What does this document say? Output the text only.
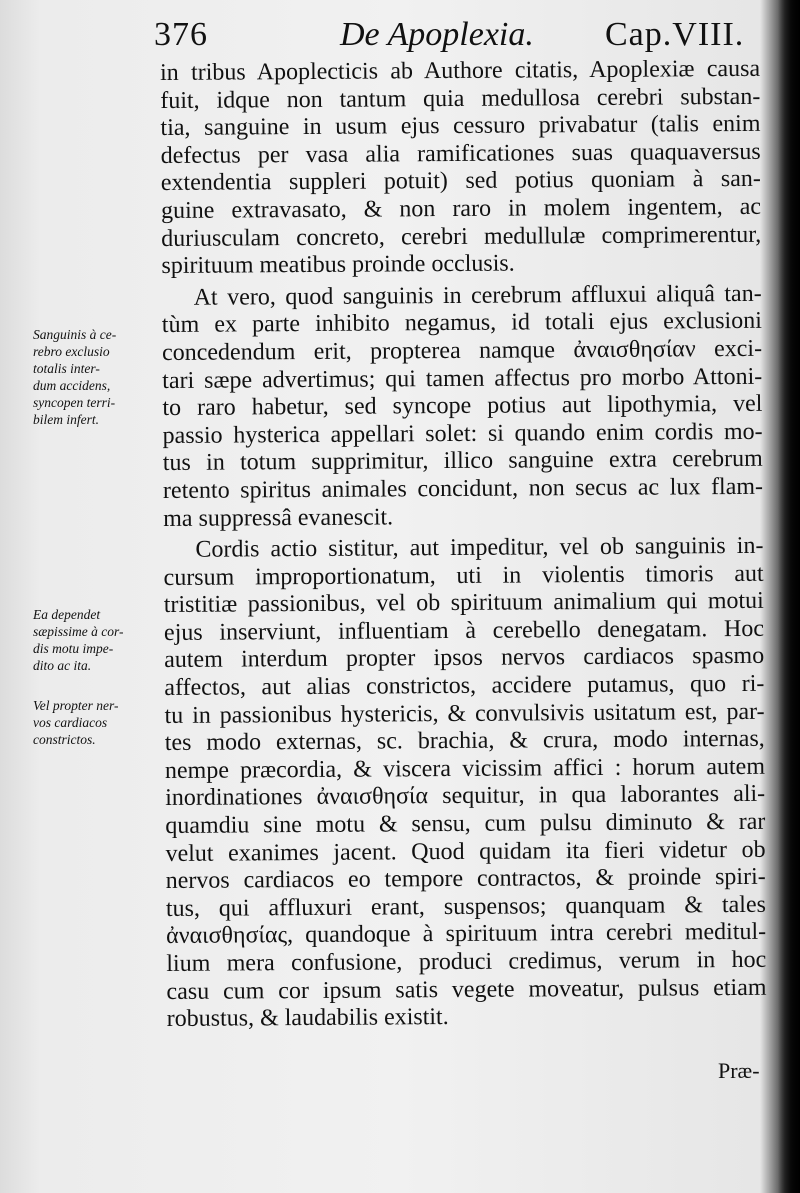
376	De Apoplexia. Cap.VIII.
Sanguinis à ce-
rebro exclusio
totalis inter-
dum accidens,
syncopen terri-
bilem infert.
Ea dependet
sæpissime à cor-
dis motu impe-
dito ac ita.
Vel propter ner-
vos cardiacos
constrictos.
in tribus Apoplecticis ab Authore citatis, Apoplexiæ causa
fuit, idque non tantum quia medullosa cerebri substan-
tia, sanguine in usum ejus cessuro privabatur (talis enim
defectus per vasa alia ramificationes suas quaquaversus
extendentia suppleri potuit) sed potius quoniam à san-
guine extravasato, & non raro in molem ingentem, ac
duriusculam concreto, cerebri medullulæ comprimerentur,
spirituum meatibus proinde occlusis.
At vero, quod sanguinis in cerebrum affluxui aliquâ tan-
tùm ex parte inhibito negamus, id totali ejus exclusioni
concedendum erit, propterea namque ἀναισθησίαν exci-
tari sæpe advertimus; qui tamen affectus pro morbo Attoni-
to raro habetur, sed syncope potius aut lipothymia, vel
passio hysterica appellari solet: si quando enim cordis mo-
tus in totum supprimitur, illico sanguine extra cerebrum
retento spiritus animales concidunt, non secus ac lux flam-
ma suppressâ evanescit.
Cordis actio sistitur, aut impeditur, vel ob sanguinis in-
cursum improportionatum, uti in violentis timoris aut
tristitiæ passionibus, vel ob spirituum animalium qui motui
ejus inserviunt, influentiam à cerebello denegatam. Hoc
autem interdum propter ipsos nervos cardiacos spasmo
affectos, aut alias constrictos, accidere putamus, quo ri-
tu in passionibus hystericis, & convulsivis usitatum est, par-
tes modo externas, sc. brachia, & crura, modo internas,
nempe præcordia, & viscera vicissim affici : horum autem
inordinationes ἀναισθησία sequitur, in qua laborantes ali-
quamdiu sine motu & sensu, cum pulsu diminuto & rar
velut exanimes jacent. Quod quidam ita fieri videtur ob
nervos cardiacos eo tempore contractos, & proinde spiri-
tus, qui affluxuri erant, suspensos; quanquam & tales
ἀναισθησίας, quandoque à spirituum intra cerebri meditul-
lium mera confusione, produci credimus, verum in hoc
casu cum cor ipsum satis vegete moveatur, pulsus etiam
robustus, & laudabilis existit.
Præ-
